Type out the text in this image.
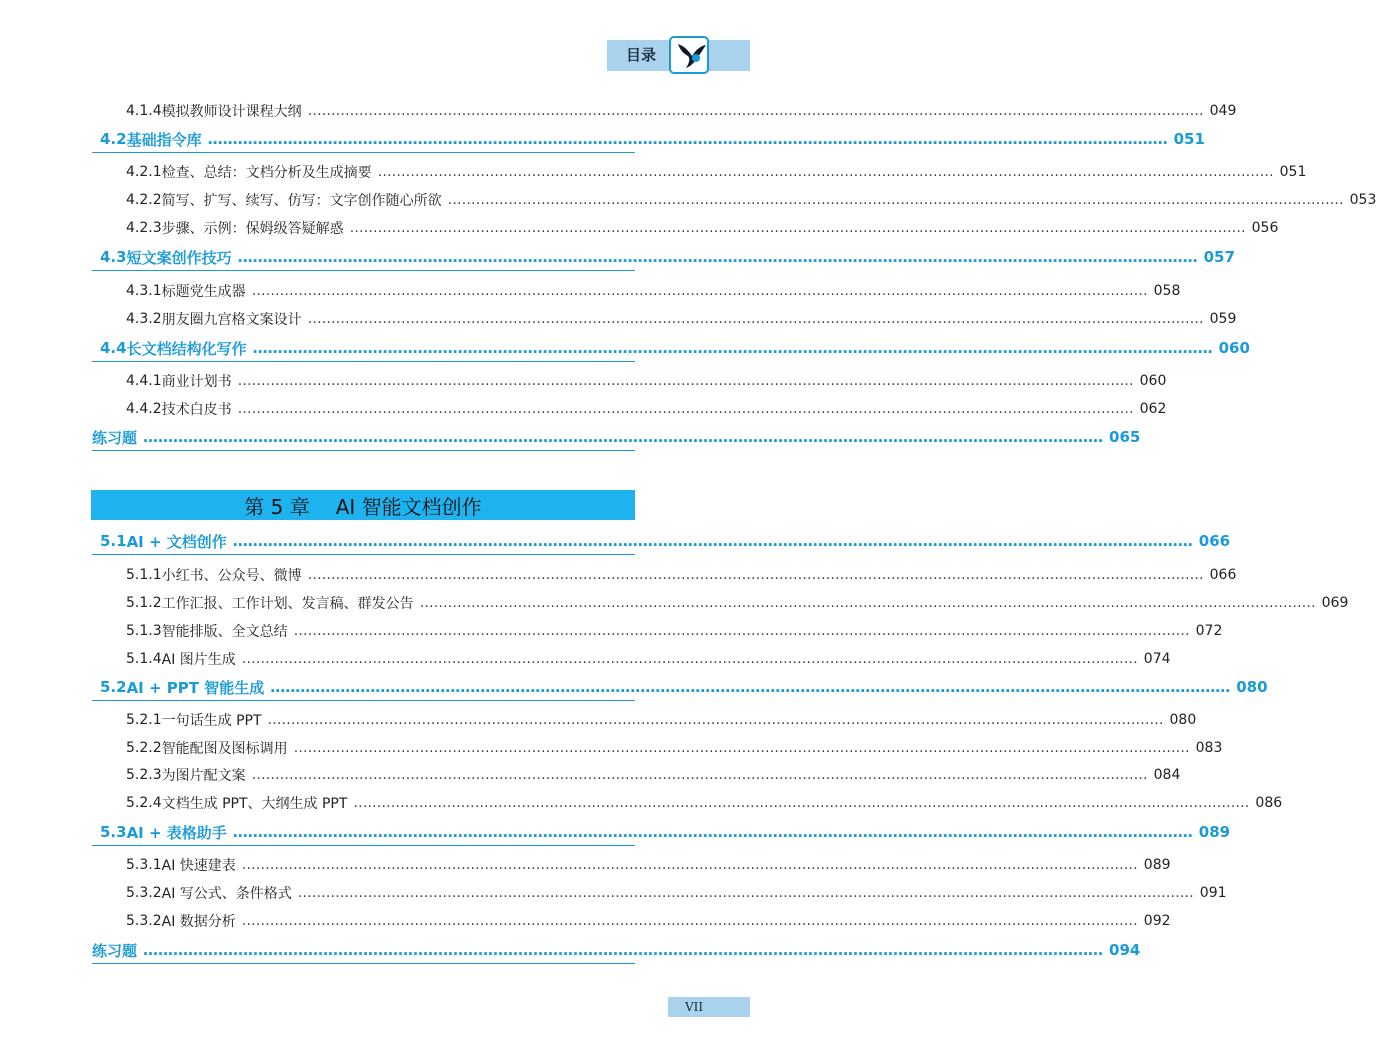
目录
4.1.4 模拟教师设计课程大纲 ………………………………………………………………………………………………………………………………………………………………………… 049
4.2 基础指令库 ………………………………………………………………………………………………………………………………………………………………………… 051
4.2.1 检查、总结：文档分析及生成摘要 ………………………………………………………………………………………………………………………………………………………………………… 051
4.2.2 简写、扩写、续写、仿写：文字创作随心所欲 ………………………………………………………………………………………………………………………………………………………………………… 053
4.2.3 步骤、示例：保姆级答疑解惑 ………………………………………………………………………………………………………………………………………………………………………… 056
4.3 短文案创作技巧 ………………………………………………………………………………………………………………………………………………………………………… 057
4.3.1 标题党生成器 ………………………………………………………………………………………………………………………………………………………………………… 058
4.3.2 朋友圈九宫格文案设计 ………………………………………………………………………………………………………………………………………………………………………… 059
4.4 长文档结构化写作 ………………………………………………………………………………………………………………………………………………………………………… 060
4.4.1 商业计划书 ………………………………………………………………………………………………………………………………………………………………………… 060
4.4.2 技术白皮书 ………………………………………………………………………………………………………………………………………………………………………… 062
练习题 ………………………………………………………………………………………………………………………………………………………………………… 065
第 5 章 AI 智能文档创作
5.1 AI + 文档创作 ………………………………………………………………………………………………………………………………………………………………………… 066
5.1.1 小红书、公众号、微博 ………………………………………………………………………………………………………………………………………………………………………… 066
5.1.2 工作汇报、工作计划、发言稿、群发公告 ………………………………………………………………………………………………………………………………………………………………………… 069
5.1.3 智能排版、全文总结 ………………………………………………………………………………………………………………………………………………………………………… 072
5.1.4 AI 图片生成 ………………………………………………………………………………………………………………………………………………………………………… 074
5.2 AI + PPT 智能生成 ………………………………………………………………………………………………………………………………………………………………………… 080
5.2.1 一句话生成 PPT ………………………………………………………………………………………………………………………………………………………………………… 080
5.2.2 智能配图及图标调用 ………………………………………………………………………………………………………………………………………………………………………… 083
5.2.3 为图片配文案 ………………………………………………………………………………………………………………………………………………………………………… 084
5.2.4 文档生成 PPT、大纲生成 PPT ………………………………………………………………………………………………………………………………………………………………………… 086
5.3 AI + 表格助手 ………………………………………………………………………………………………………………………………………………………………………… 089
5.3.1 AI 快速建表 ………………………………………………………………………………………………………………………………………………………………………… 089
5.3.2 AI 写公式、条件格式 ………………………………………………………………………………………………………………………………………………………………………… 091
5.3.2 AI 数据分析 ………………………………………………………………………………………………………………………………………………………………………… 092
练习题 ………………………………………………………………………………………………………………………………………………………………………… 094
VII
